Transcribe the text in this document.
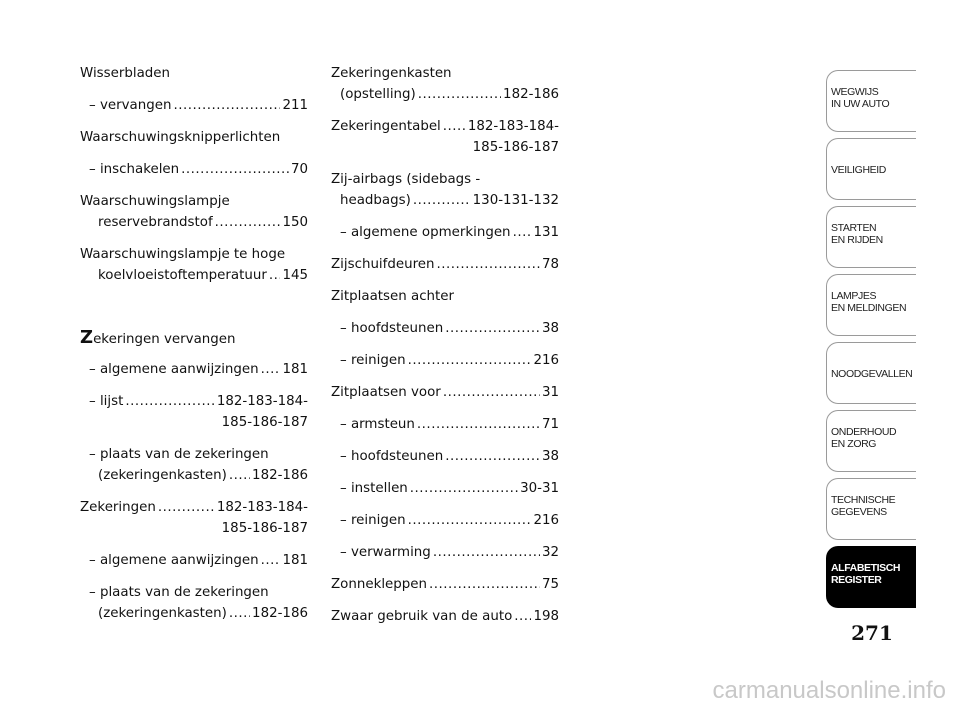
Wisserbladen
– vervangen .....	211
Waarschuwingsknipperlichten
– inschakelen .....	70
Waarschuwingslampje
reservebrandstof .....	150
Waarschuwingslampje te hoge
koelvloeistoftemperatuur ..... 145
Zekeringen vervangen
– algemene aanwijzingen ..... 181
– lijst .....	182-183-184-
185-186-187
– plaats van de zekeringen
(zekeringenkasten) ..... 182-186
Zekeringen .....	182-183-184-
185-186-187
– algemene aanwijzingen ..... 181
– plaats van de zekeringen
(zekeringenkasten) ..... 182-186
Zekeringenkasten
(opstelling) .....	182-186
Zekeringentabel ..... 182-183-184-
185-186-187
Zij-airbags (sidebags -
headbags) .....	130-131-132
– algemene opmerkingen ..... 131
Zijschuifdeuren .....	78
Zitplaatsen achter
– hoofdsteunen .....	38
– reinigen .....	216
Zitplaatsen voor .....	31
– armsteun .....	71
– hoofdsteunen .....	38
– instellen .....	30-31
– reinigen .....	216
– verwarming .....	32
Zonnekleppen .....	75
Zwaar gebruik van de auto ..... 198
WEGWIJS
IN UW AUTO
VEILIGHEID
STARTEN
EN RIJDEN
LAMPJES
EN MELDINGEN
NOODGEVALLEN
ONDERHOUD
EN ZORG
TECHNISCHE
GEGEVENS
ALFABETISCH
REGISTER
271
carmanualsonline.info
